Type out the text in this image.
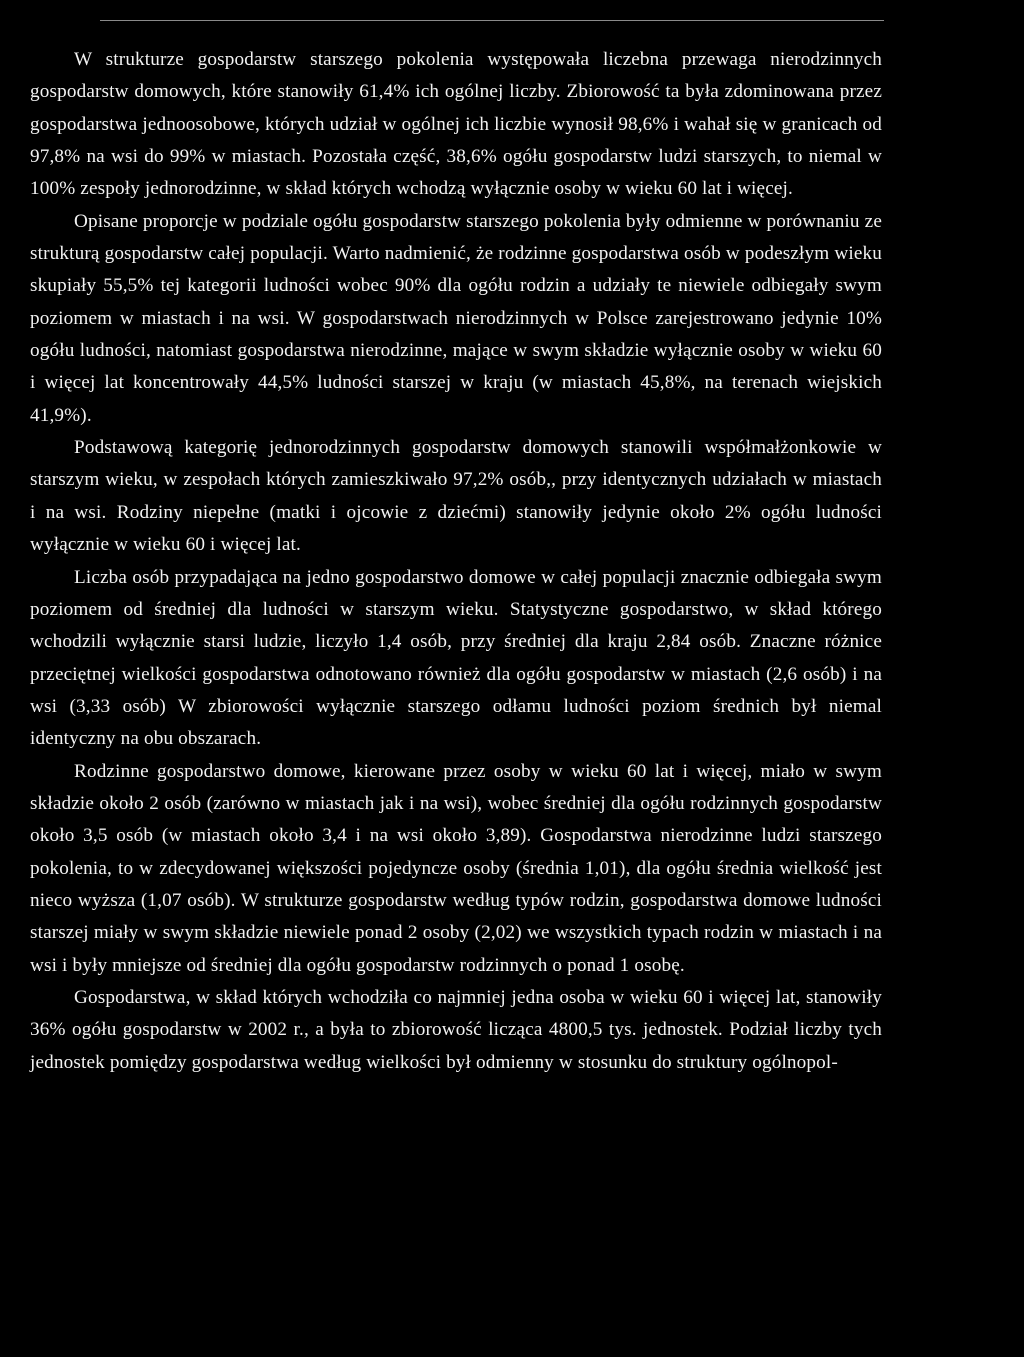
W strukturze gospodarstw starszego pokolenia występowała liczebna przewaga nierodzinnych gospodarstw domowych, które stanowiły 61,4% ich ogólnej liczby. Zbiorowość ta była zdominowana przez gospodarstwa jednoosobowe, których udział w ogólnej ich liczbie wynosił 98,6% i wahał się w granicach od 97,8% na wsi do 99% w miastach. Pozostała część, 38,6% ogółu gospodarstw ludzi starszych, to niemal w 100% zespoły jednorodzinne, w skład których wchodzą wyłącznie osoby w wieku 60 lat i więcej.

Opisane proporcje w podziale ogółu gospodarstw starszego pokolenia były odmienne w porównaniu ze strukturą gospodarstw całej populacji. Warto nadmienić, że rodzinne gospodarstwa osób w podeszłym wieku skupiały 55,5% tej kategorii ludności wobec 90% dla ogółu rodzin a udziały te niewiele odbiegały swym poziomem w miastach i na wsi. W gospodarstwach nierodzinnych w Polsce zarejestrowano jedynie 10% ogółu ludności, natomiast gospodarstwa nierodzinne, mające w swym składzie wyłącznie osoby w wieku 60 i więcej lat koncentrowały 44,5% ludności starszej w kraju (w miastach 45,8%, na terenach wiejskich 41,9%).

Podstawową kategorię jednorodzinnych gospodarstw domowych stanowili współmałżonkowie w starszym wieku, w zespołach których zamieszkiwało 97,2% osób,, przy identycznych udziałach w miastach i na wsi. Rodziny niepełne (matki i ojcowie z dziećmi) stanowiły jedynie około 2% ogółu ludności wyłącznie w wieku 60 i więcej lat.

Liczba osób przypadająca na jedno gospodarstwo domowe w całej populacji znacznie odbiegała swym poziomem od średniej dla ludności w starszym wieku. Statystyczne gospodarstwo, w skład którego wchodzili wyłącznie starsi ludzie, liczyło 1,4 osób, przy średniej dla kraju 2,84 osób. Znaczne różnice przeciętnej wielkości gospodarstwa odnotowano również dla ogółu gospodarstw w miastach (2,6 osób) i na wsi (3,33 osób) W zbiorowości wyłącznie starszego odłamu ludności poziom średnich był niemal identyczny na obu obszarach.

Rodzinne gospodarstwo domowe, kierowane przez osoby w wieku 60 lat i więcej, miało w swym składzie około 2 osób (zarówno w miastach jak i na wsi), wobec średniej dla ogółu rodzinnych gospodarstw około 3,5 osób (w miastach około 3,4 i na wsi około 3,89). Gospodarstwa nierodzinne ludzi starszego pokolenia, to w zdecydowanej większości pojedyncze osoby (średnia 1,01), dla ogółu średnia wielkość jest nieco wyższa (1,07 osób). W strukturze gospodarstw według typów rodzin, gospodarstwa domowe ludności starszej miały w swym składzie niewiele ponad 2 osoby (2,02) we wszystkich typach rodzin w miastach i na wsi i były mniejsze od średniej dla ogółu gospodarstw rodzinnych o ponad 1 osobę.

Gospodarstwa, w skład których wchodziła co najmniej jedna osoba w wieku 60 i więcej lat, stanowiły 36% ogółu gospodarstw w 2002 r., a była to zbiorowość licząca 4800,5 tys. jednostek. Podział liczby tych jednostek pomiędzy gospodarstwa według wielkości był odmienny w stosunku do struktury ogólnopol-
